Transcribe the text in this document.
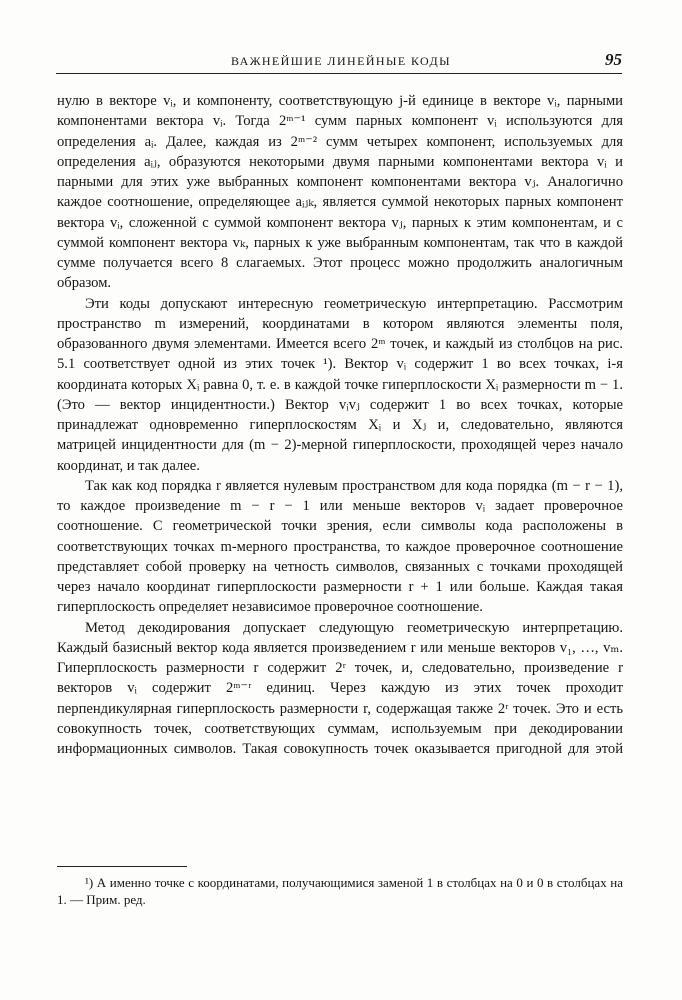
ВАЖНЕЙШИЕ ЛИНЕЙНЫЕ КОДЫ	95

нулю в векторе vᵢ, и компоненту, соответствующую j-й единице в векторе vᵢ, парными компонентами вектора vᵢ. Тогда 2ᵐ⁻¹ сумм парных компонент vᵢ используются для определения aᵢ. Далее, каждая из 2ᵐ⁻² сумм четырех компонент, используемых для определения aᵢⱼ, образуются некоторыми двумя парными компонентами вектора vᵢ и парными для этих уже выбранных компонент компонентами вектора vⱼ. Аналогично каждое соотношение, определяющее aᵢⱼₖ, является суммой некоторых парных компонент вектора vᵢ, сложенной с суммой компонент вектора vⱼ, парных к этим компонентам, и с суммой компонент вектора vₖ, парных к уже выбранным компонентам, так что в каждой сумме получается всего 8 слагаемых. Этот процесс можно продолжить аналогичным образом.

Эти коды допускают интересную геометрическую интерпретацию. Рассмотрим пространство m измерений, координатами в котором являются элементы поля, образованного двумя элементами. Имеется всего 2ᵐ точек, и каждый из столбцов на рис. 5.1 соответствует одной из этих точек ¹). Вектор vᵢ содержит 1 во всех точках, i-я координата которых Xᵢ равна 0, т. е. в каждой точке гиперплоскости Xᵢ размерности m − 1. (Это — вектор инцидентности.) Вектор vᵢvⱼ содержит 1 во всех точках, которые принадлежат одновременно гиперплоскостям Xᵢ и Xⱼ и, следовательно, являются матрицей инцидентности для (m − 2)-мерной гиперплоскости, проходящей через начало координат, и так далее.

Так как код порядка r является нулевым пространством для кода порядка (m − r − 1), то каждое произведение m − r − 1 или меньше векторов vᵢ задает проверочное соотношение. С геометрической точки зрения, если символы кода расположены в соответствующих точках m-мерного пространства, то каждое проверочное соотношение представляет собой проверку на четность символов, связанных с точками проходящей через начало координат гиперплоскости размерности r + 1 или больше. Каждая такая гиперплоскость определяет независимое проверочное соотношение.

Метод декодирования допускает следующую геометрическую интерпретацию. Каждый базисный вектор кода является произведением r или меньше векторов v₁, …, vₘ. Гиперплоскость размерности r содержит 2ʳ точек, и, следовательно, произведение r векторов vᵢ содержит 2ᵐ⁻ʳ единиц. Через каждую из этих точек проходит перпендикулярная гиперплоскость размерности r, содержащая также 2ʳ точек. Это и есть совокупность точек, соответствующих суммам, используемым при декодировании информационных символов. Такая совокупность точек оказывается пригодной для этой

¹) А именно точке с координатами, получающимися заменой 1 в столбцах на 0 и 0 в столбцах на 1. — Прим. ред.
